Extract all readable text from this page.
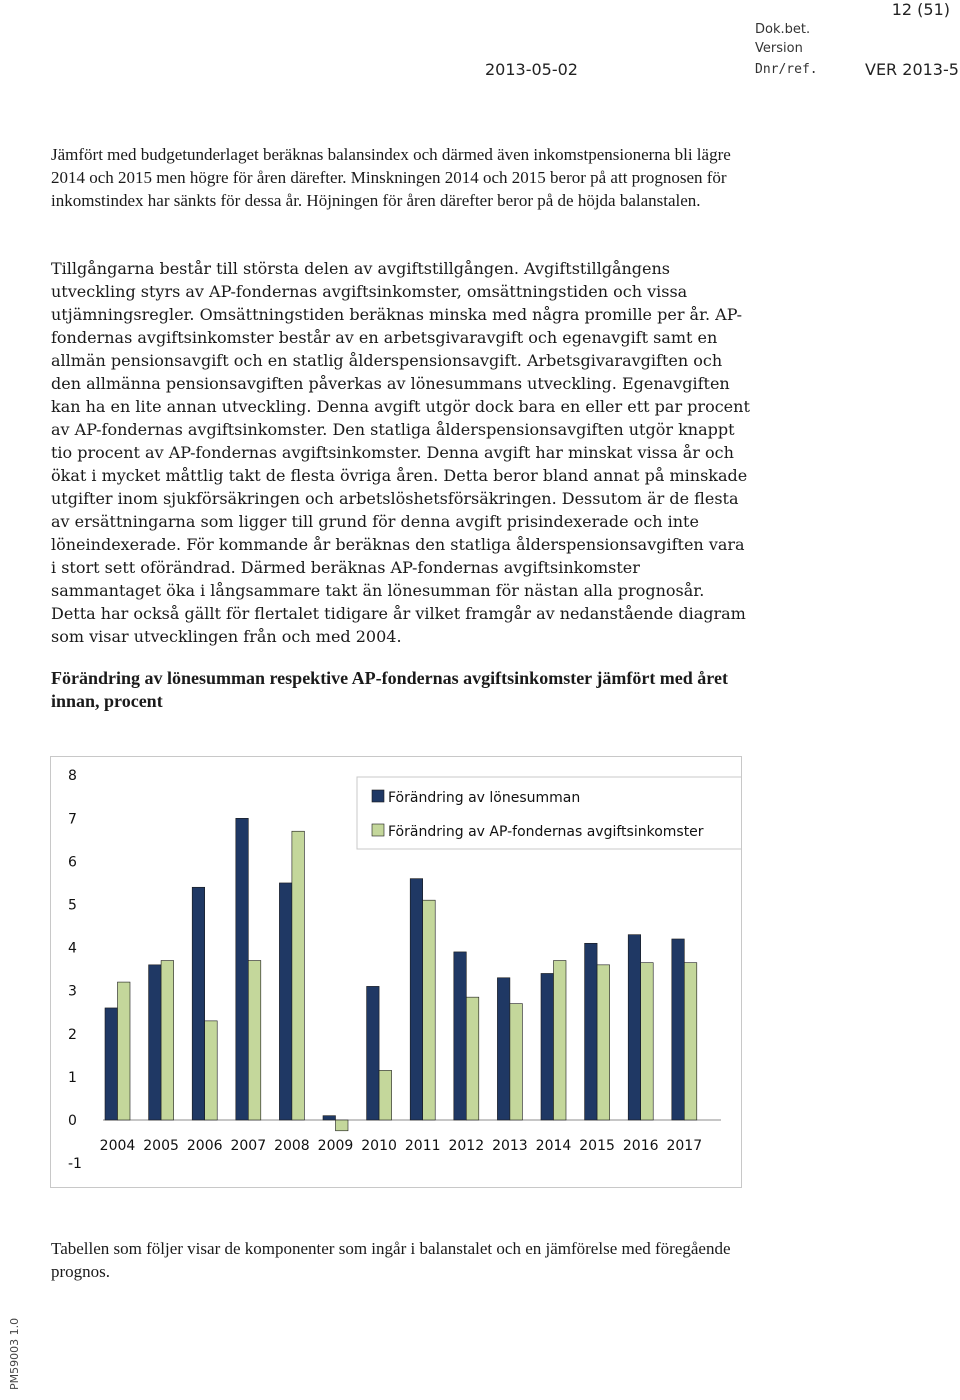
12 (51)
2013-05-02
Dok.bet.
Version
Dnr/ref.	VER 2013-5

Jämfört med budgetunderlaget beräknas balansindex och därmed även inkomstpensionerna bli lägre 2014 och 2015 men högre för åren därefter. Minskningen 2014 och 2015 beror på att prognosen för inkomstindex har sänkts för dessa år. Höjningen för åren därefter beror på de höjda balanstalen.

Tillgångarna består till största delen av avgiftstillgången. Avgiftstillgångens utveckling styrs av AP-fondernas avgiftsinkomster, omsättningstiden och vissa utjämningsregler. Omsättningstiden beräknas minska med några promille per år. AP-fondernas avgiftsinkomster består av en arbetsgivaravgift och egenavgift samt en allmän pensionsavgift och en statlig ålderspensionsavgift. Arbetsgivaravgiften och den allmänna pensionsavgiften påverkas av lönesummans utveckling. Egenavgiften kan ha en lite annan utveckling. Denna avgift utgör dock bara en eller ett par procent av AP-fondernas avgiftsinkomster. Den statliga ålderspensionsavgiften utgör knappt tio procent av AP-fondernas avgiftsinkomster. Denna avgift har minskat vissa år och ökat i mycket måttlig takt de flesta övriga åren. Detta beror bland annat på minskade utgifter inom sjukförsäkringen och arbetslöshetsförsäkringen. Dessutom är de flesta av ersättningarna som ligger till grund för denna avgift prisindexerade och inte löneindexerade. För kommande år beräknas den statliga ålderspensionsavgiften vara i stort sett oförändrad. Därmed beräknas AP-fondernas avgiftsinkomster sammantaget öka i långsammare takt än lönesumman för nästan alla prognosår. Detta har också gällt för flertalet tidigare år vilket framgår av nedanstående diagram som visar utvecklingen från och med 2004.

Förändring av lönesumman respektive AP-fondernas avgiftsinkomster jämfört med året innan, procent

8
7
6
5
4
3
2
1
0
-1
2004 2005 2006 2007 2008 2009 2010 2011 2012 2013 2014 2015 2016 2017
Förändring av lönesumman
Förändring av AP-fondernas avgiftsinkomster

Tabellen som följer visar de komponenter som ingår i balanstalet och en jämförelse med föregående prognos.

PM59003 1.0
